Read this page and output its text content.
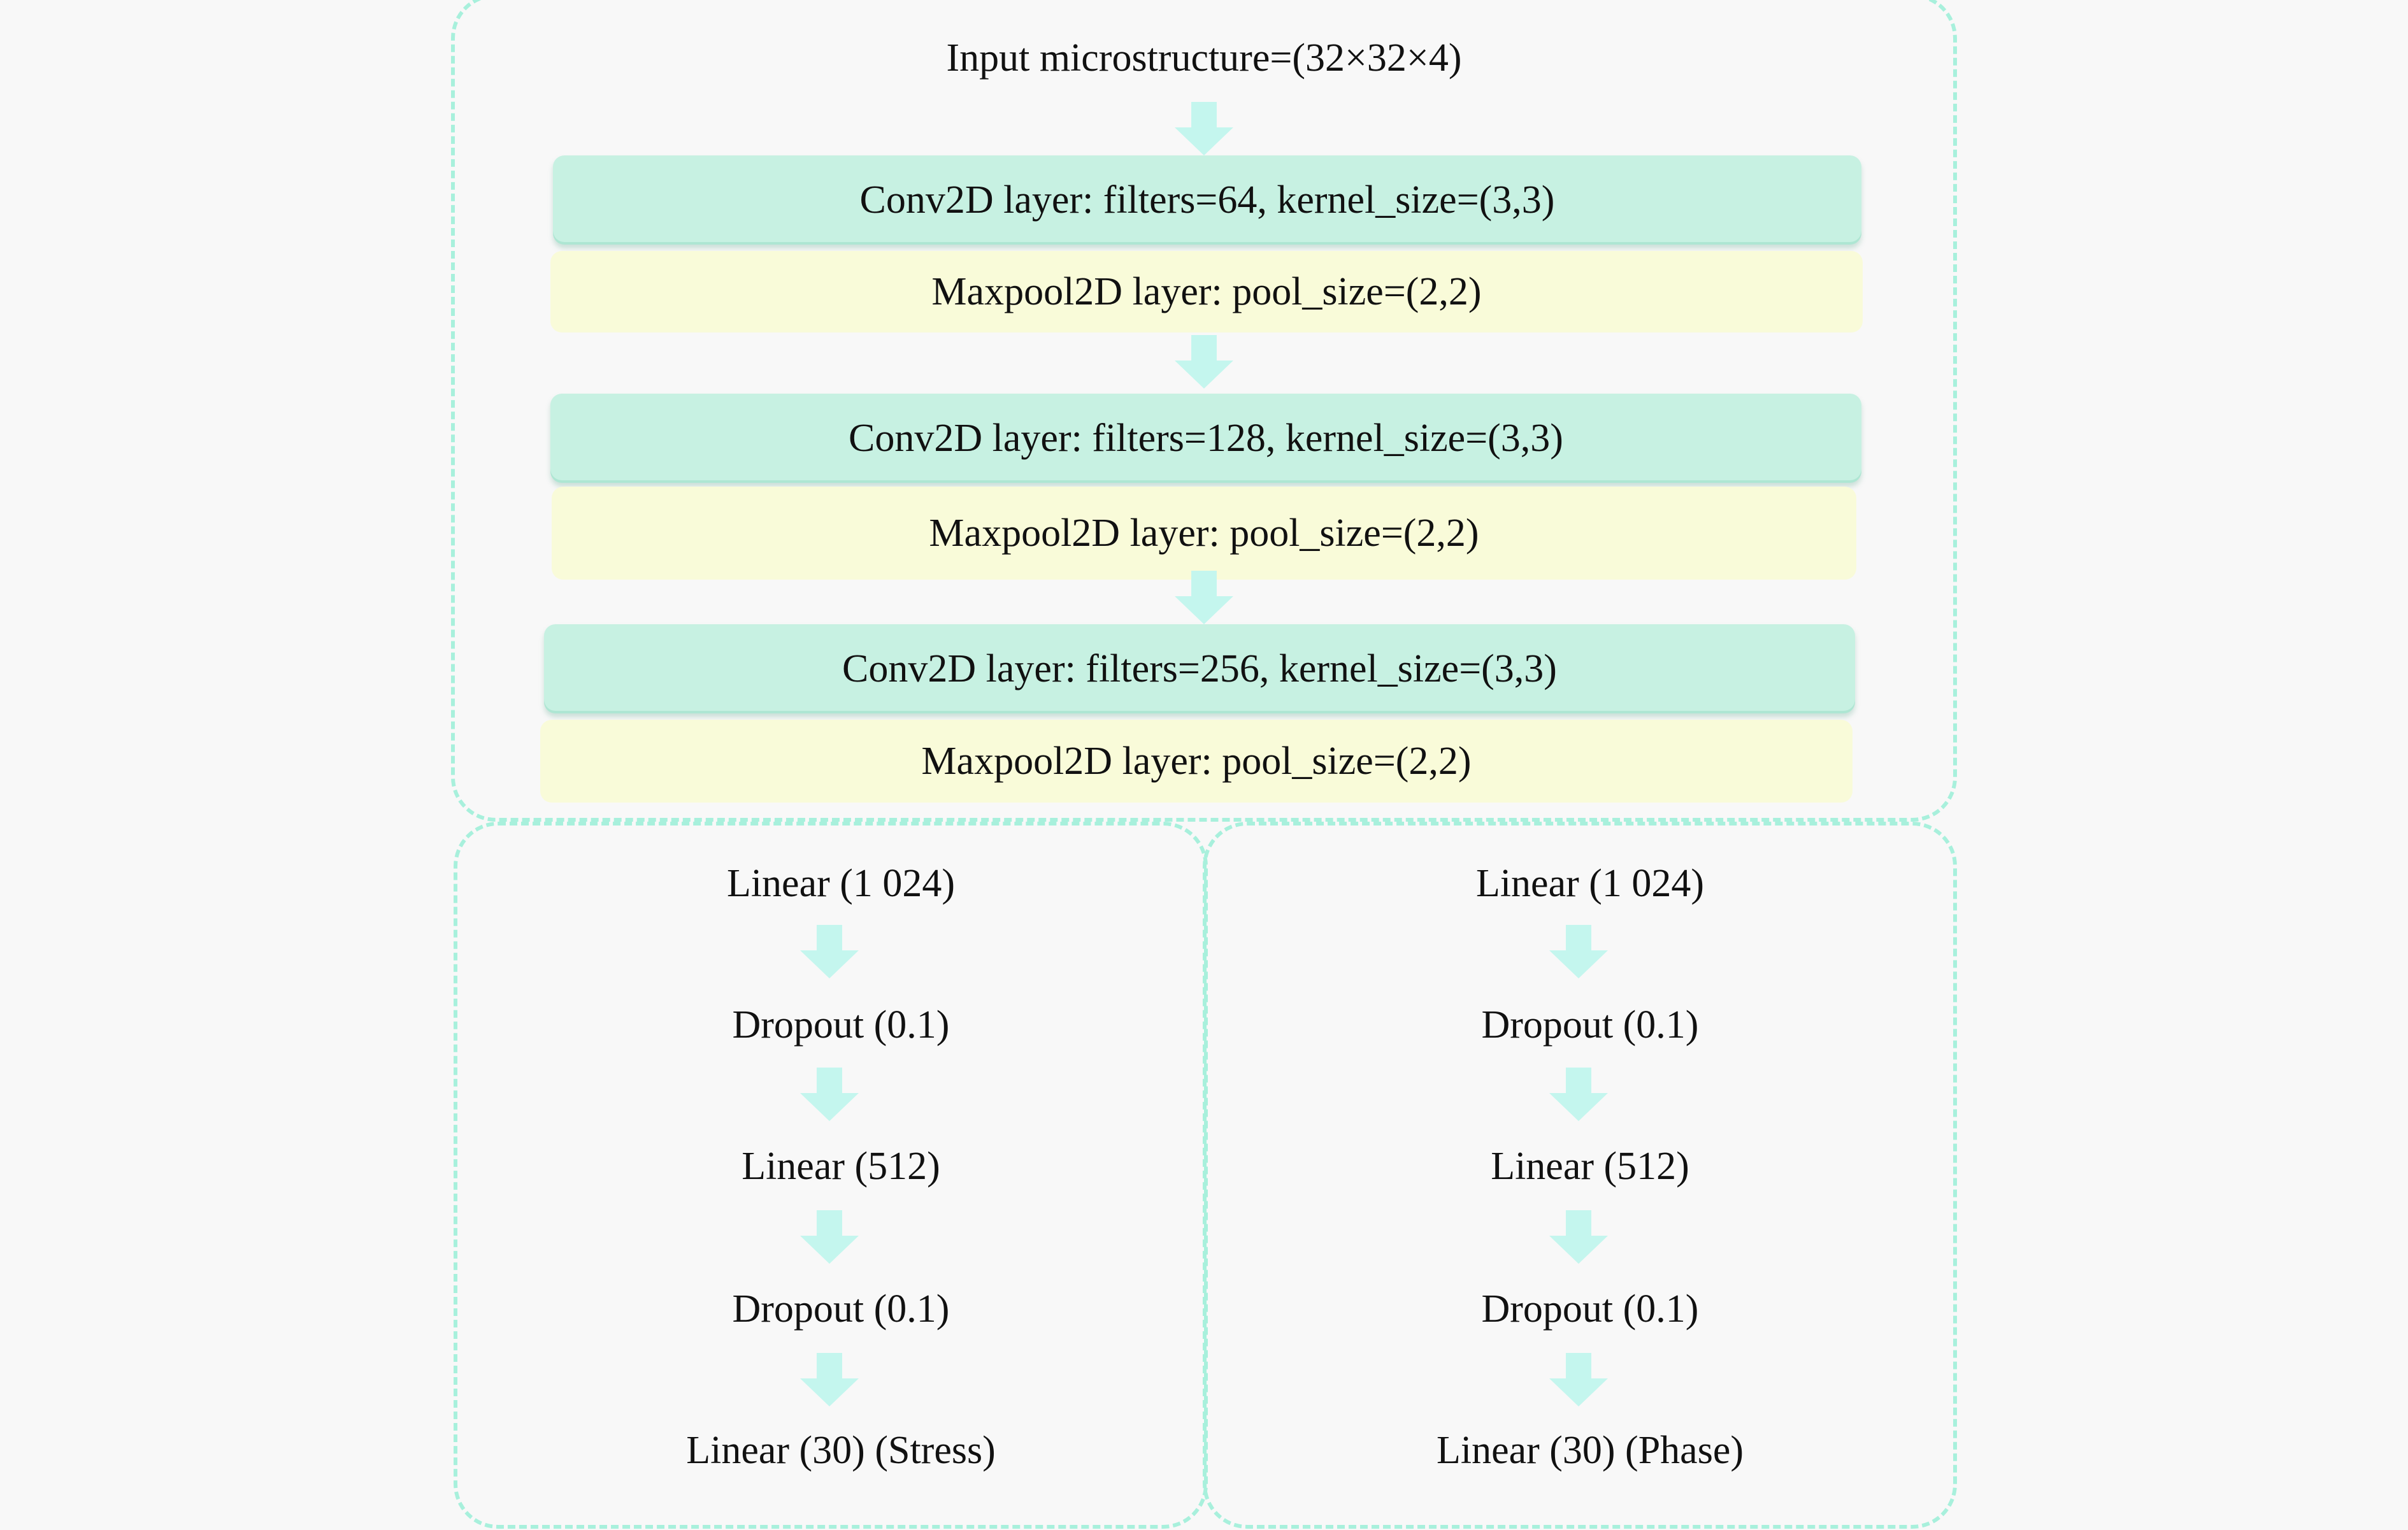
Input microstructure=(32×32×4)
Conv2D layer: filters=64, kernel_size=(3,3)
Maxpool2D layer: pool_size=(2,2)
Conv2D layer: filters=128, kernel_size=(3,3)
Maxpool2D layer: pool_size=(2,2)
Conv2D layer: filters=256, kernel_size=(3,3)
Maxpool2D layer: pool_size=(2,2)
Linear (1 024)
Dropout (0.1)
Linear (512)
Dropout (0.1)
Linear (30) (Stress)
Linear (1 024)
Dropout (0.1)
Linear (512)
Dropout (0.1)
Linear (30) (Phase)
